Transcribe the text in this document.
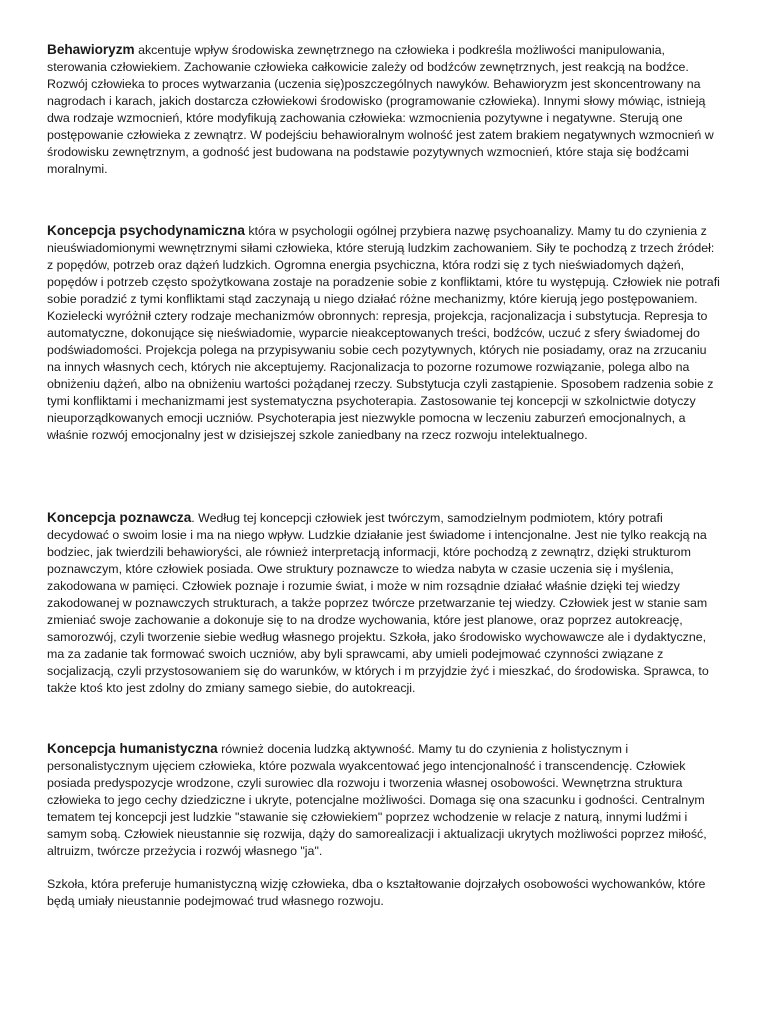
Behawioryzm akcentuje wpływ środowiska zewnętrznego na człowieka i podkreśla możliwości manipulowania, sterowania człowiekiem. Zachowanie człowieka całkowicie zależy od bodźców zewnętrznych, jest reakcją na bodźce. Rozwój człowieka to proces wytwarzania (uczenia się)poszczególnych nawyków. Behawioryzm jest skoncentrowany na nagrodach i karach, jakich dostarcza człowiekowi środowisko (programowanie człowieka). Innymi słowy mówiąc, istnieją dwa rodzaje wzmocnień, które modyfikują zachowania człowieka: wzmocnienia pozytywne i negatywne. Sterują one postępowanie człowieka z zewnątrz. W podejściu behawioralnym wolność jest zatem brakiem negatywnych wzmocnień w środowisku zewnętrznym, a godność jest budowana na podstawie pozytywnych wzmocnień, które staja się bodźcami moralnymi.

Koncepcja psychodynamiczna która w psychologii ogólnej przybiera nazwę psychoanalizy. Mamy tu do czynienia z nieuświadomionymi wewnętrznymi siłami człowieka, które sterują ludzkim zachowaniem. Siły te pochodzą z trzech źródeł: z popędów, potrzeb oraz dążeń ludzkich. Ogromna energia psychiczna, która rodzi się z tych nieświadomych dążeń, popędów i potrzeb często spożytkowana zostaje na poradzenie sobie z konfliktami, które tu występują. Człowiek nie potrafi sobie poradzić z tymi konfliktami stąd zaczynają u niego działać różne mechanizmy, które kierują jego postępowaniem. Kozielecki wyróżnił cztery rodzaje mechanizmów obronnych: represja, projekcja, racjonalizacja i substytucja. Represja to automatyczne, dokonujące się nieświadomie, wyparcie nieakceptowanych treści, bodźców, uczuć z sfery świadomej do podświadomości. Projekcja polega na przypisywaniu sobie cech pozytywnych, których nie posiadamy, oraz na zrzucaniu na innych własnych cech, których nie akceptujemy. Racjonalizacja to pozorne rozumowe rozwiązanie, polega albo na obniżeniu dążeń, albo na obniżeniu wartości pożądanej rzeczy. Substytucja czyli zastąpienie. Sposobem radzenia sobie z tymi konfliktami i mechanizmami jest systematyczna psychoterapia. Zastosowanie tej koncepcji w szkolnictwie dotyczy nieuporządkowanych emocji uczniów. Psychoterapia jest niezwykle pomocna w leczeniu zaburzeń emocjonalnych, a właśnie rozwój emocjonalny jest w dzisiejszej szkole zaniedbany na rzecz rozwoju intelektualnego.

Koncepcja poznawcza. Według tej koncepcji człowiek jest twórczym, samodzielnym podmiotem, który potrafi decydować o swoim losie i ma na niego wpływ. Ludzkie działanie jest świadome i intencjonalne. Jest nie tylko reakcją na bodziec, jak twierdzili behawioryści, ale również interpretacją informacji, które pochodzą z zewnątrz, dzięki strukturom poznawczym, które człowiek posiada. Owe struktury poznawcze to wiedza nabyta w czasie uczenia się i myślenia, zakodowana w pamięci. Człowiek poznaje i rozumie świat, i może w nim rozsądnie działać właśnie dzięki tej wiedzy zakodowanej w poznawczych strukturach, a także poprzez twórcze przetwarzanie tej wiedzy. Człowiek jest w stanie sam zmieniać swoje zachowanie a dokonuje się to na drodze wychowania, które jest planowe, oraz poprzez autokreację, samorozwój, czyli tworzenie siebie według własnego projektu. Szkoła, jako środowisko wychowawcze ale i dydaktyczne, ma za zadanie tak formować swoich uczniów, aby byli sprawcami, aby umieli podejmować czynności związane z socjalizacją, czyli przystosowaniem się do warunków, w których i m przyjdzie żyć i mieszkać, do środowiska. Sprawca, to także ktoś kto jest zdolny do zmiany samego siebie, do autokreacji.

Koncepcja humanistyczna również docenia ludzką aktywność. Mamy tu do czynienia z holistycznym i personalistycznym ujęciem człowieka, które pozwala wyakcentować jego intencjonalność i transcendencję. Człowiek posiada predyspozycje wrodzone, czyli surowiec dla rozwoju i tworzenia własnej osobowości. Wewnętrzna struktura człowieka to jego cechy dziedziczne i ukryte, potencjalne możliwości. Domaga się ona szacunku i godności. Centralnym tematem tej koncepcji jest ludzkie "stawanie się człowiekiem" poprzez wchodzenie w relacje z naturą, innymi ludźmi i samym sobą. Człowiek nieustannie się rozwija, dąży do samorealizacji i aktualizacji ukrytych możliwości poprzez miłość, altruizm, twórcze przeżycia i rozwój własnego "ja".

Szkoła, która preferuje humanistyczną wizję człowieka, dba o kształtowanie dojrzałych osobowości wychowanków, które będą umiały nieustannie podejmować trud własnego rozwoju.
